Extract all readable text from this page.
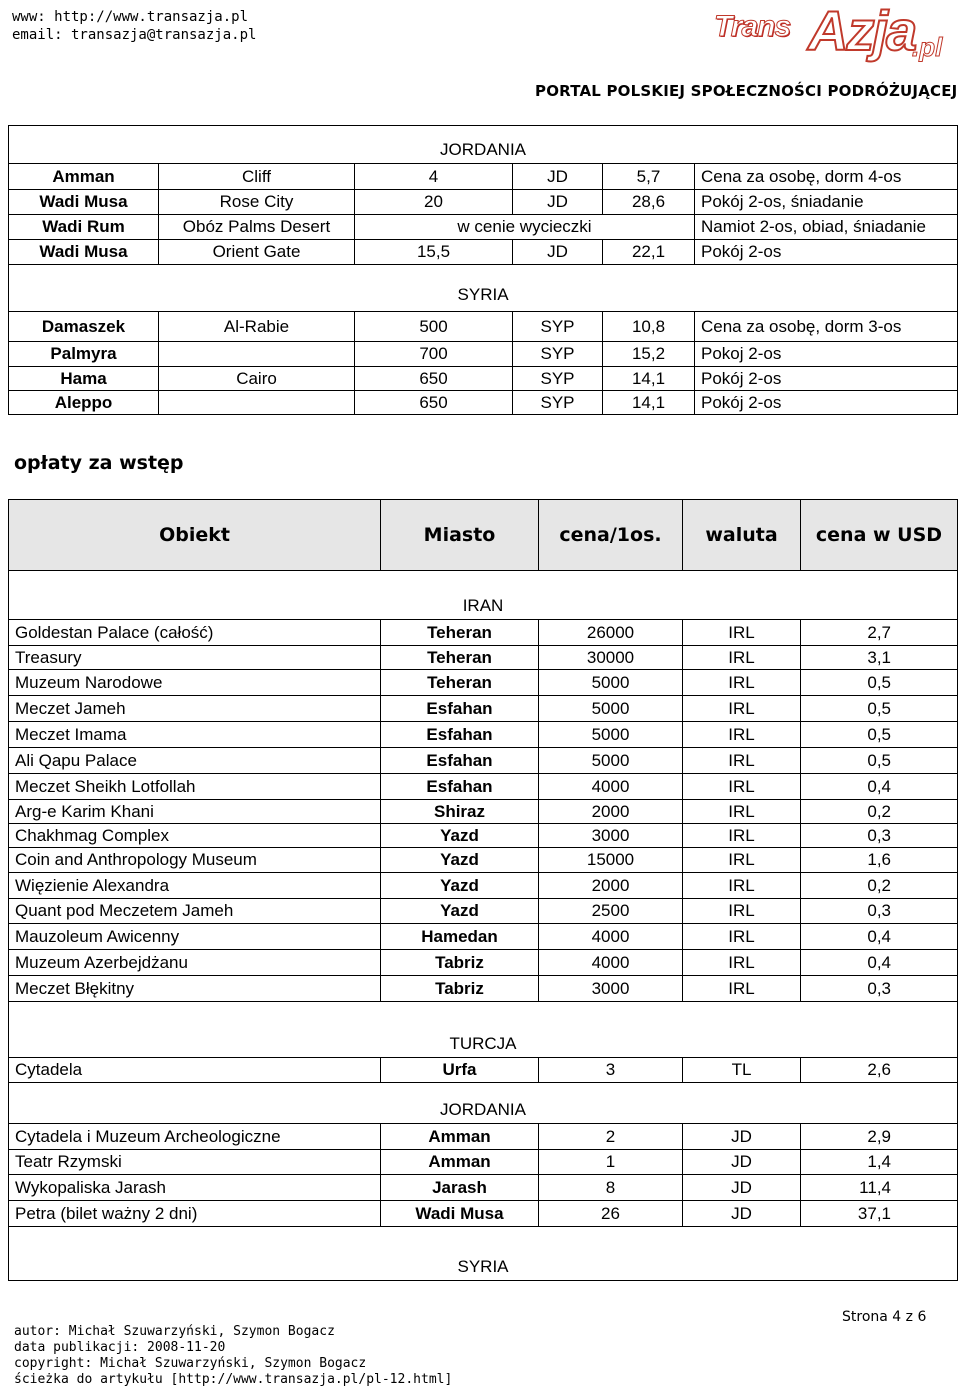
www: http://www.transazja.pl
email: transazja@transazja.pl	Trans Azja
.pl
PORTAL POLSKIEJ SPOŁECZNOŚCI PODRÓŻUJĄCEJ
JORDANIA					
Amman	Cliff	4	JD	5,7	Cena za osobę, dorm 4-os
Wadi Musa	Rose City	20	JD	28,6	Pokój 2-os, śniadanie
Wadi Rum	Obóz Palms Desert	w cenie wycieczki			Namiot 2-os, obiad, śniadanie
Wadi Musa	Orient Gate	15,5	JD	22,1	Pokój 2-os
SYRIA					
Damaszek	Al-Rabie	500	SYP	10,8	Cena za osobę, dorm 3-os
Palmyra		700	SYP	15,2	Pokoj 2-os
Hama	Cairo	650	SYP	14,1	Pokój 2-os
Aleppo		650	SYP	14,1	Pokój 2-os
opłaty za wstęp
Obiekt	Miasto	cena/1os.	waluta	cena w USD
IRAN				
Goldestan Palace (całość)	Teheran	26000	IRL	2,7
Treasury	Teheran	30000	IRL	3,1
Muzeum Narodowe	Teheran	5000	IRL	0,5
Meczet Jameh	Esfahan	5000	IRL	0,5
Meczet Imama	Esfahan	5000	IRL	0,5
Ali Qapu Palace	Esfahan	5000	IRL	0,5
Meczet Sheikh Lotfollah	Esfahan	4000	IRL	0,4
Arg-e Karim Khani	Shiraz	2000	IRL	0,2
Chakhmag Complex	Yazd	3000	IRL	0,3
Coin and Anthropology Museum	Yazd	15000	IRL	1,6
Więzienie Alexandra	Yazd	2000	IRL	0,2
Quant pod Meczetem Jameh	Yazd	2500	IRL	0,3
Mauzoleum Awicenny	Hamedan	4000	IRL	0,4
Muzeum Azerbejdżanu	Tabriz	4000	IRL	0,4
Meczet Błękitny	Tabriz	3000	IRL	0,3
TURCJA				
Cytadela	Urfa	3	TL	2,6
JORDANIA				
Cytadela i Muzeum Archeologiczne	Amman	2	JD	2,9
Teatr Rzymski	Amman	1	JD	1,4
Wykopaliska Jarash	Jarash	8	JD	11,4
Petra (bilet ważny 2 dni)	Wadi Musa	26	JD	37,1
SYRIA				
autor: Michał Szuwarzyński, Szymon Bogacz
data publikacji: 2008-11-20
copyright: Michał Szuwarzyński, Szymon Bogacz
ścieżka do artykułu [http://www.transazja.pl/pl-12.html]
Strona 4 z 6
